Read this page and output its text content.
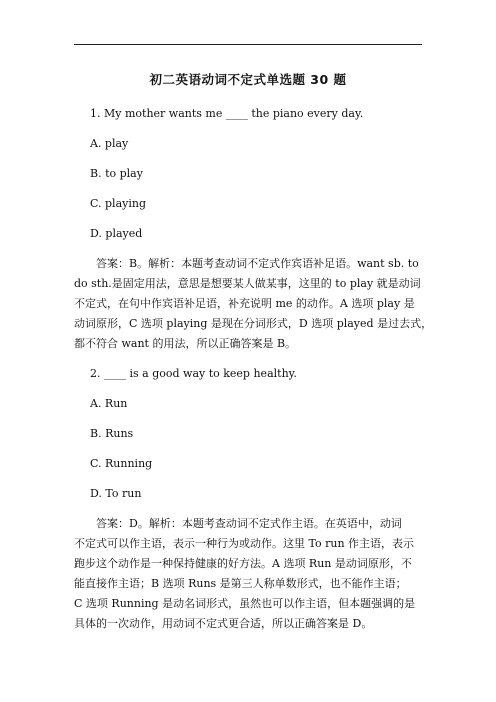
初二英语动词不定式单选题 30 题
1. My mother wants me ____ the piano every day.
A. play
B. to play
C. playing
D. played
答案：B。解析：本题考查动词不定式作宾语补足语。want sb. to
do sth.是固定用法，意思是想要某人做某事，这里的 to play 就是动词
不定式，在句中作宾语补足语，补充说明 me 的动作。A 选项 play 是
动词原形，C 选项 playing 是现在分词形式，D 选项 played 是过去式，
都不符合 want 的用法，所以正确答案是 B。
2. ____ is a good way to keep healthy.
A. Run
B. Runs
C. Running
D. To run
答案：D。解析：本题考查动词不定式作主语。在英语中，动词
不定式可以作主语，表示一种行为或动作。这里 To run 作主语，表示
跑步这个动作是一种保持健康的好方法。A 选项 Run 是动词原形，不
能直接作主语；B 选项 Runs 是第三人称单数形式，也不能作主语；
C 选项 Running 是动名词形式，虽然也可以作主语，但本题强调的是
具体的一次动作，用动词不定式更合适，所以正确答案是 D。
